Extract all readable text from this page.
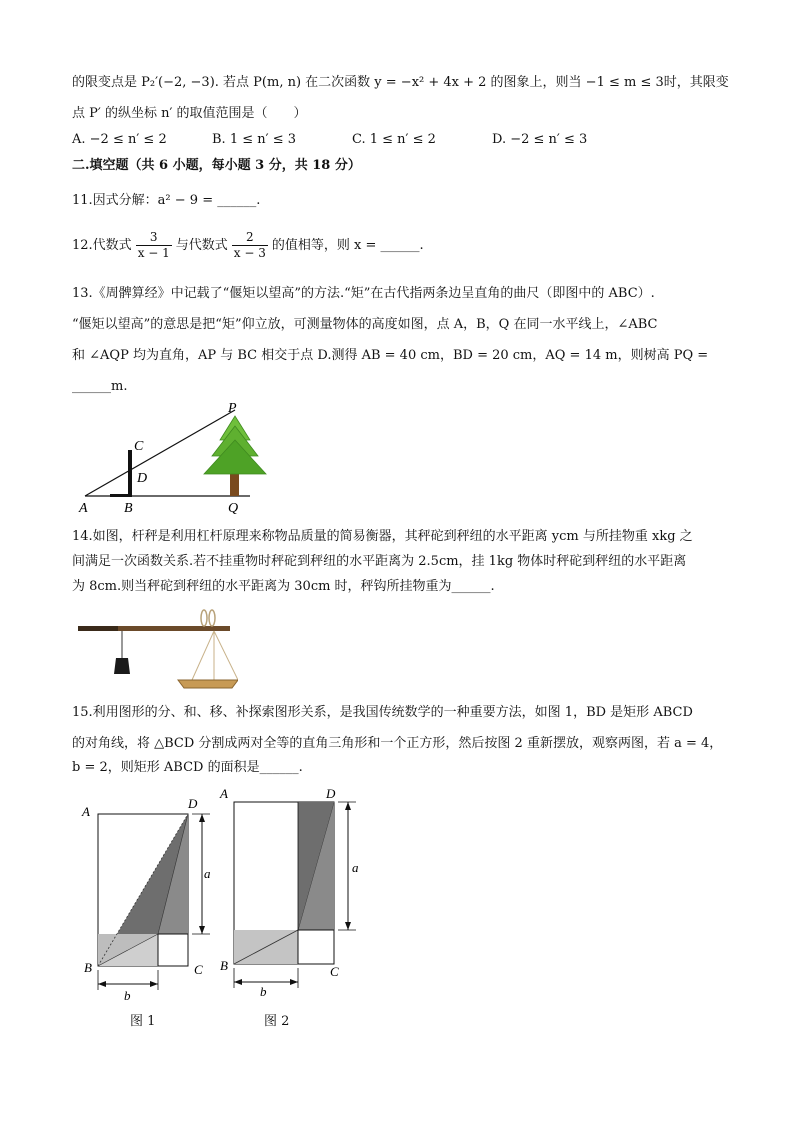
的限变点是 P₂′(−2, −3). 若点 P(m, n) 在二次函数 y = −x² + 4x + 2 的图象上，则当 −1 ≤ m ≤ 3时，其限变
点 P′ 的纵坐标 n′ 的取值范围是（　　）
A. −2 ≤ n′ ≤ 2	B. 1 ≤ n′ ≤ 3	C. 1 ≤ n′ ≤ 2	D. −2 ≤ n′ ≤ 3
二.填空题（共 6 小题，每小题 3 分，共 18 分）
11.因式分解：a² − 9 = ______.
12.代数式 $\frac{3}{x - 1}$ 与代数式 $\frac{2}{x - 3}$ 的值相等，则 x = ______.
13.《周髀算经》中记载了“偃矩以望高”的方法.“矩”在古代指两条边呈直角的曲尺（即图中的 ABC）.
“偃矩以望高”的意思是把“矩”仰立放，可测量物体的高度如图，点 A，B，Q 在同一水平线上，∠ABC
和 ∠AQP 均为直角，AP 与 BC 相交于点 D.测得 AB = 40 cm，BD = 20 cm，AQ = 14 m，则树高 PQ =
______m.
P
C
D
A	B	Q
14.如图，杆秤是利用杠杆原理来称物品质量的简易衡器，其秤砣到秤纽的水平距离 ycm 与所挂物重 xkg 之
间满足一次函数关系.若不挂重物时秤砣到秤纽的水平距离为 2.5cm，挂 1kg 物体时秤砣到秤纽的水平距离
为 8cm.则当秤砣到秤纽的水平距离为 30cm 时，秤钩所挂物重为______.
15.利用图形的分、和、移、补探索图形关系，是我国传统数学的一种重要方法，如图 1，BD 是矩形 ABCD
的对角线，将 △BCD 分割成两对全等的直角三角形和一个正方形，然后按图 2 重新摆放，观察两图，若 a = 4，
b = 2，则矩形 ABCD 的面积是______.
A
D
B	C
a
b
图 1
A	D
B	C
a
b
图 2
